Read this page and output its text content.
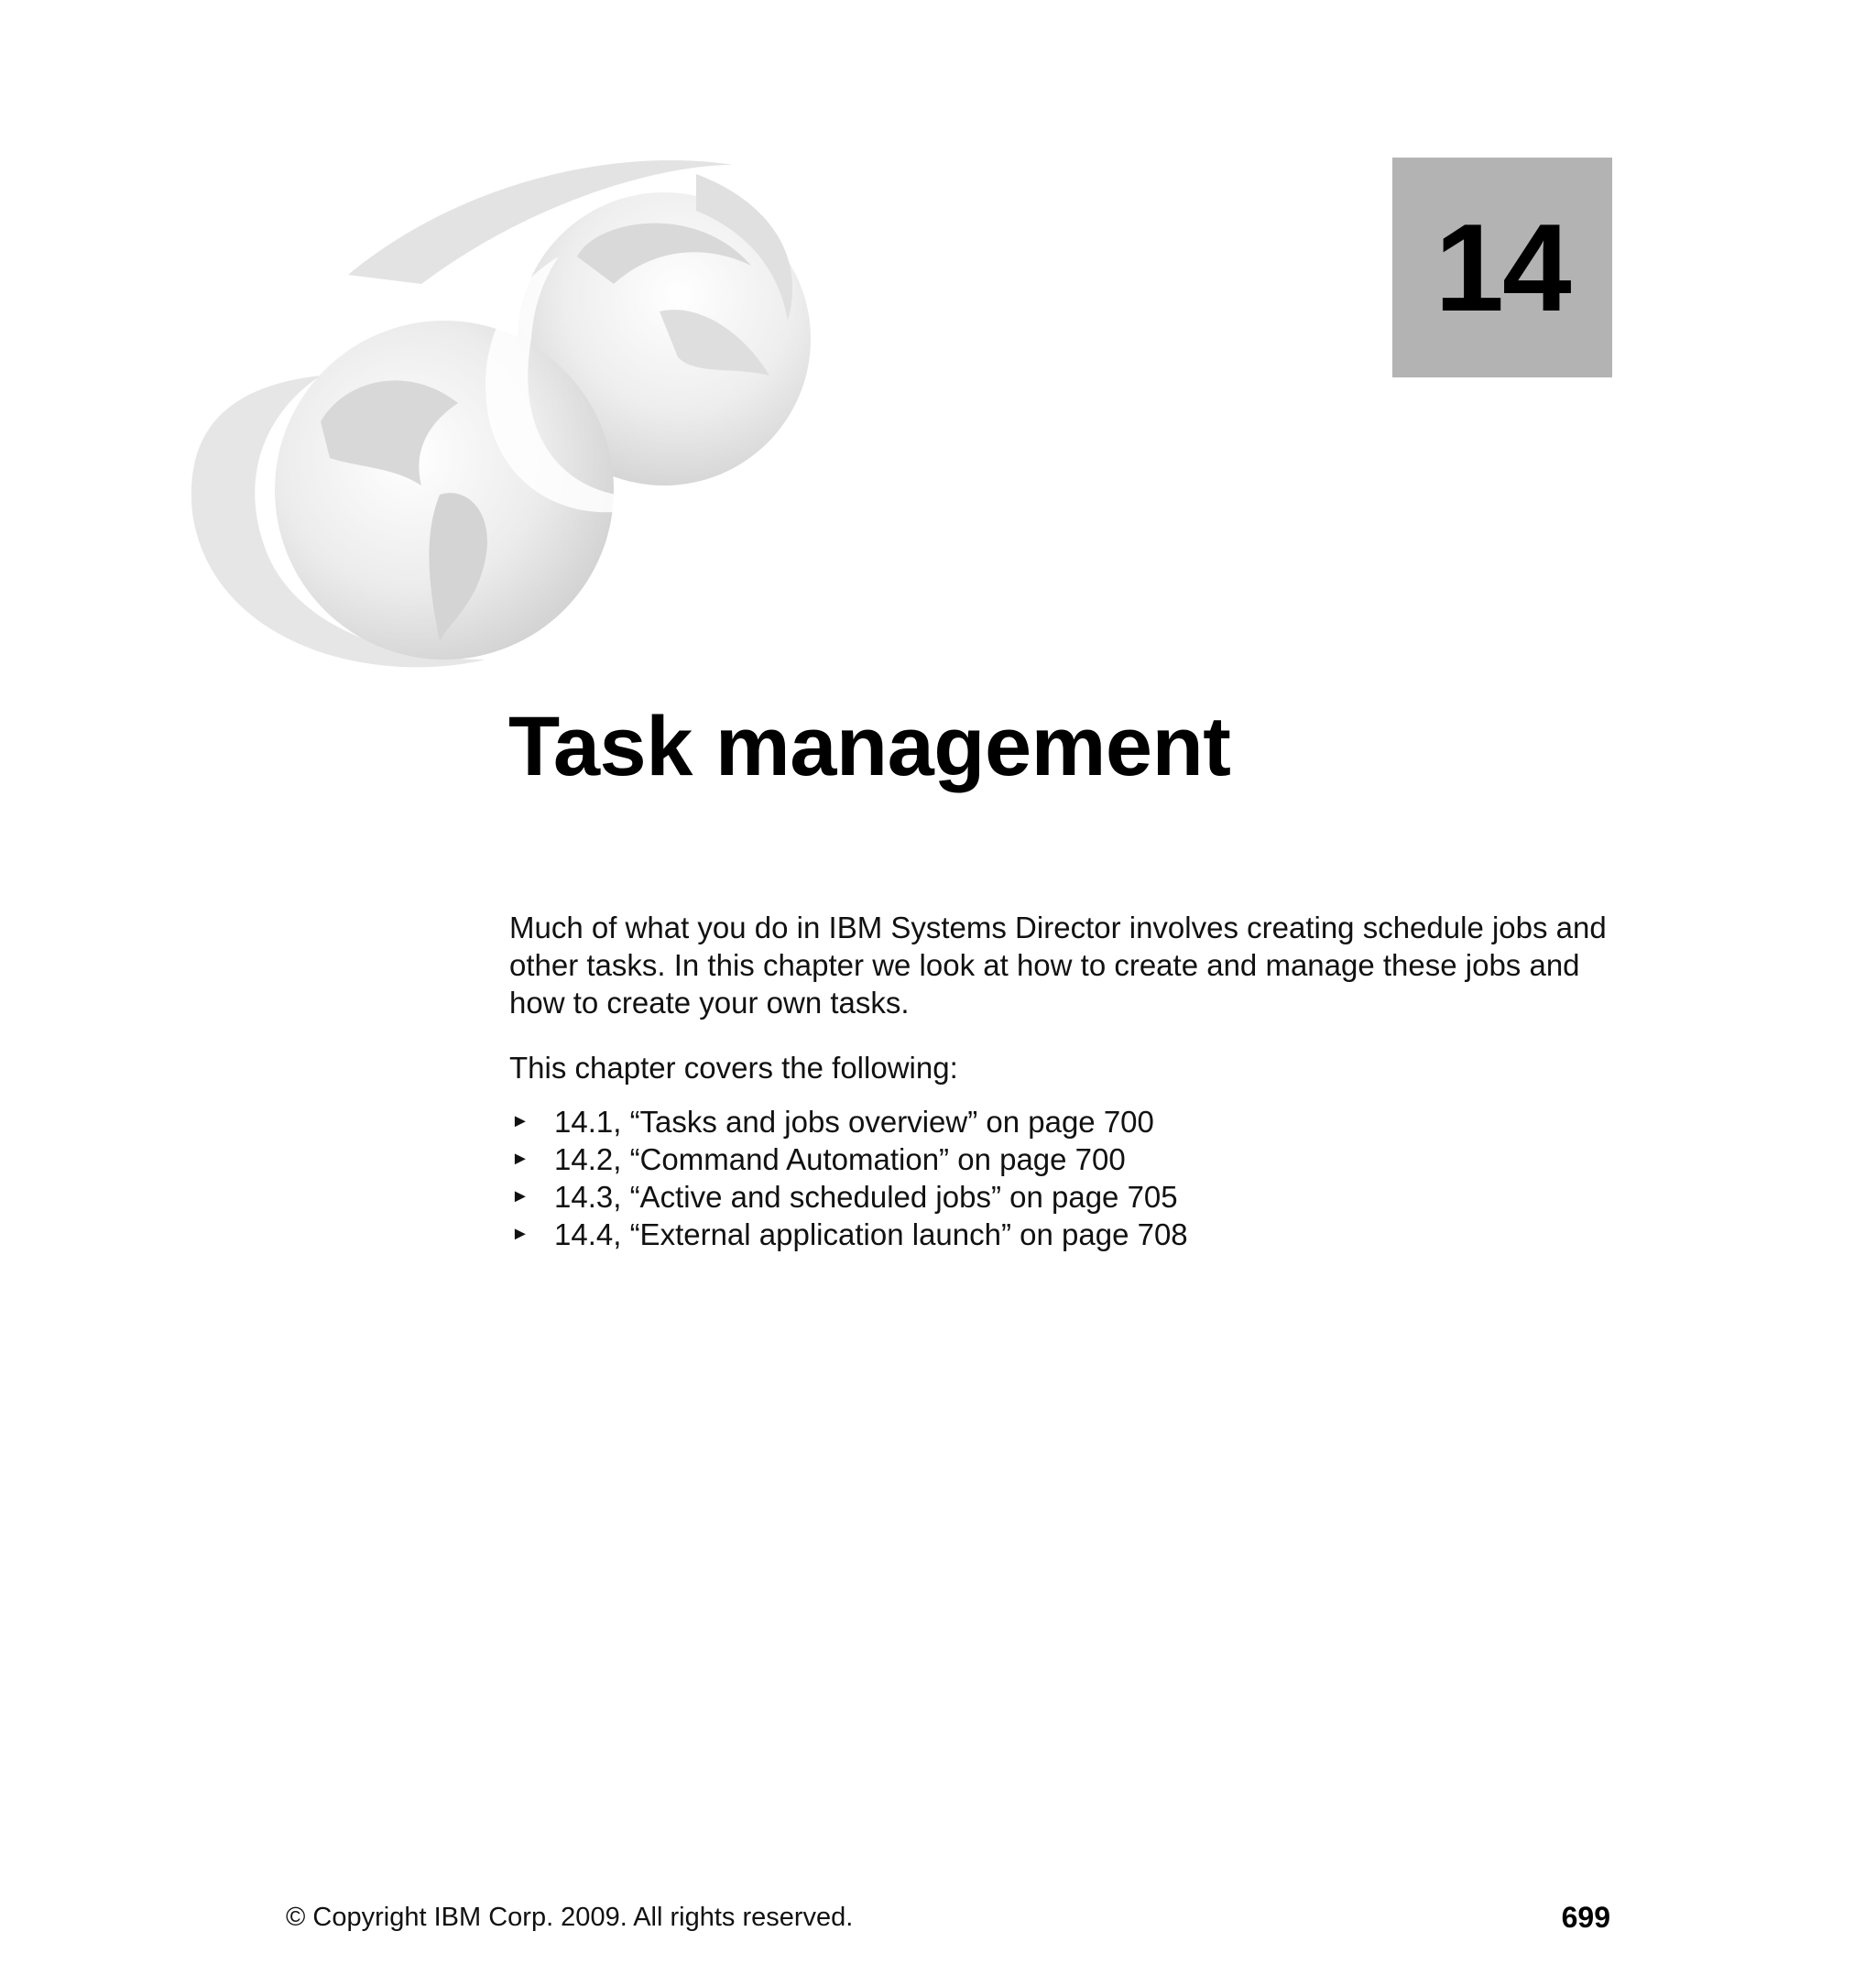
14
Task management

Much of what you do in IBM Systems Director involves creating schedule jobs and other tasks. In this chapter we look at how to create and manage these jobs and how to create your own tasks.

This chapter covers the following:

► 14.1, “Tasks and jobs overview” on page 700
► 14.2, “Command Automation” on page 700
► 14.3, “Active and scheduled jobs” on page 705
► 14.4, “External application launch” on page 708
© Copyright IBM Corp. 2009. All rights reserved.	699
